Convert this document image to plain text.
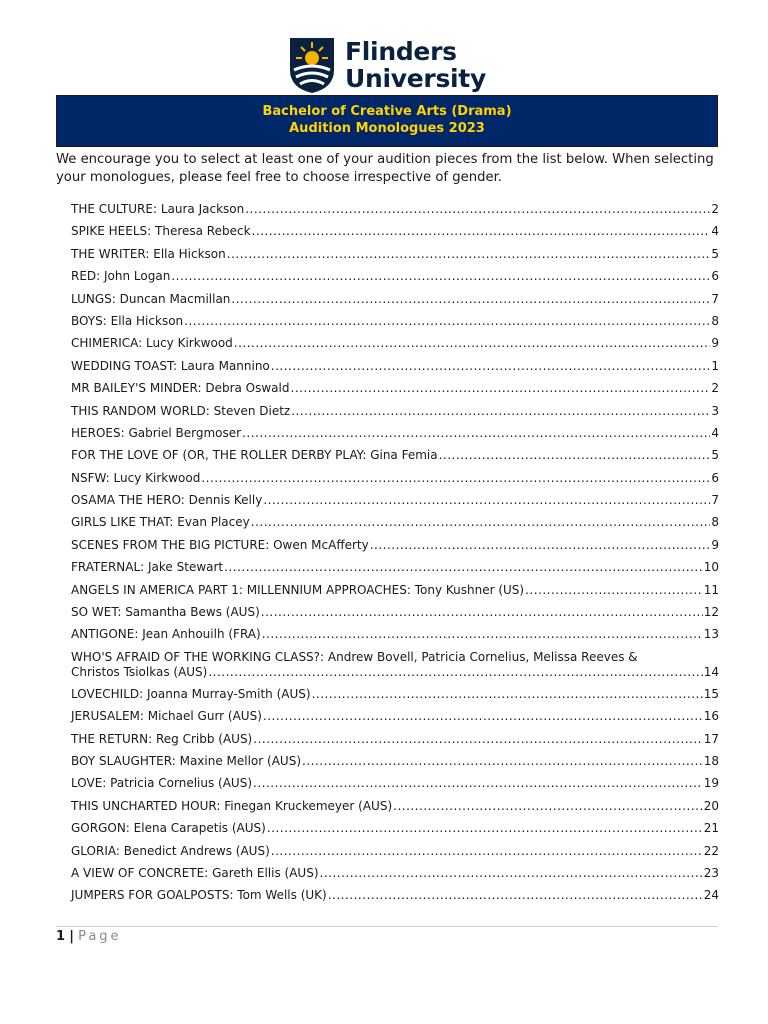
Flinders
University
Bachelor of Creative Arts (Drama)
Audition Monologues 2023
We encourage you to select at least one of your audition pieces from the list below. When selecting your monologues, please feel free to choose irrespective of gender.
THE CULTURE: Laura Jackson .....	2
SPIKE HEELS: Theresa Rebeck .....	4
THE WRITER: Ella Hickson .....	5
RED: John Logan .....	6
LUNGS: Duncan Macmillan .....	7
BOYS: Ella Hickson .....	8
CHIMERICA: Lucy Kirkwood .....	9
WEDDING TOAST: Laura Mannino .....	1
MR BAILEY'S MINDER: Debra Oswald .....	2
THIS RANDOM WORLD: Steven Dietz .....	3
HEROES: Gabriel Bergmoser .....	4
FOR THE LOVE OF (OR, THE ROLLER DERBY PLAY: Gina Femia .....	5
NSFW: Lucy Kirkwood .....	6
OSAMA THE HERO: Dennis Kelly .....	7
GIRLS LIKE THAT: Evan Placey .....	8
SCENES FROM THE BIG PICTURE: Owen McAfferty .....	9
FRATERNAL: Jake Stewart .....	10
ANGELS IN AMERICA PART 1: MILLENNIUM APPROACHES: Tony Kushner (US) .....	11
SO WET: Samantha Bews (AUS) .....	12
ANTIGONE: Jean Anhouilh (FRA) .....	13
WHO'S AFRAID OF THE WORKING CLASS?: Andrew Bovell, Patricia Cornelius, Melissa Reeves &
Christos Tsiolkas (AUS) .....	14
LOVECHILD: Joanna Murray-Smith (AUS) .....	15
JERUSALEM: Michael Gurr (AUS) .....	16
THE RETURN: Reg Cribb (AUS) .....	17
BOY SLAUGHTER: Maxine Mellor (AUS) .....	18
LOVE: Patricia Cornelius (AUS) .....	19
THIS UNCHARTED HOUR: Finegan Kruckemeyer (AUS) .....	20
GORGON: Elena Carapetis (AUS) .....	21
GLORIA: Benedict Andrews (AUS) .....	22
A VIEW OF CONCRETE: Gareth Ellis (AUS) .....	23
JUMPERS FOR GOALPOSTS: Tom Wells (UK) .....	24
1 | Page
